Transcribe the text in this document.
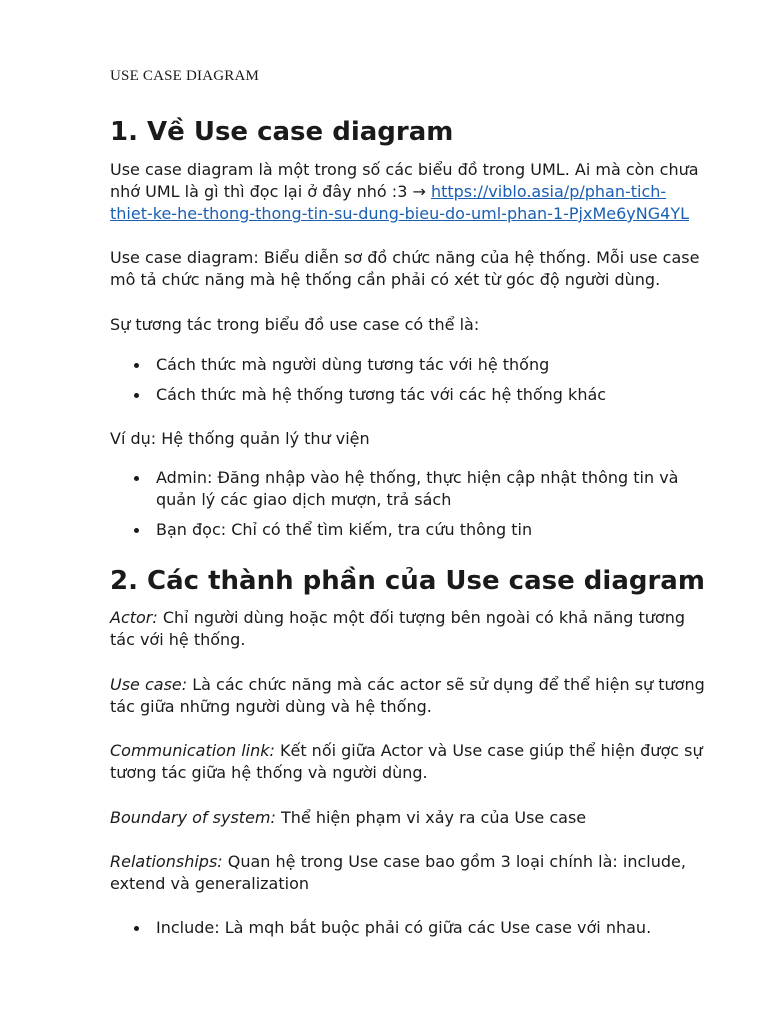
USE CASE DIAGRAM
1. Về Use case diagram
Use case diagram là một trong số các biểu đồ trong UML. Ai mà còn chưa
nhớ UML là gì thì đọc lại ở đây nhó :3 → https://viblo.asia/p/phan-tich-
thiet-ke-he-thong-thong-tin-su-dung-bieu-do-uml-phan-1-PjxMe6yNG4YL
Use case diagram: Biểu diễn sơ đồ chức năng của hệ thống. Mỗi use case
mô tả chức năng mà hệ thống cần phải có xét từ góc độ người dùng.
Sự tương tác trong biểu đồ use case có thể là:
Cách thức mà người dùng tương tác với hệ thống
Cách thức mà hệ thống tương tác với các hệ thống khác
Ví dụ: Hệ thống quản lý thư viện
Admin: Đăng nhập vào hệ thống, thực hiện cập nhật thông tin và
quản lý các giao dịch mượn, trả sách
Bạn đọc: Chỉ có thể tìm kiếm, tra cứu thông tin
2. Các thành phần của Use case diagram
Actor: Chỉ người dùng hoặc một đối tượng bên ngoài có khả năng tương
tác với hệ thống.
Use case: Là các chức năng mà các actor sẽ sử dụng để thể hiện sự tương
tác giữa những người dùng và hệ thống.
Communication link: Kết nối giữa Actor và Use case giúp thể hiện được sự
tương tác giữa hệ thống và người dùng.
Boundary of system: Thể hiện phạm vi xảy ra của Use case
Relationships: Quan hệ trong Use case bao gồm 3 loại chính là: include,
extend và generalization
Include: Là mqh bắt buộc phải có giữa các Use case với nhau.
